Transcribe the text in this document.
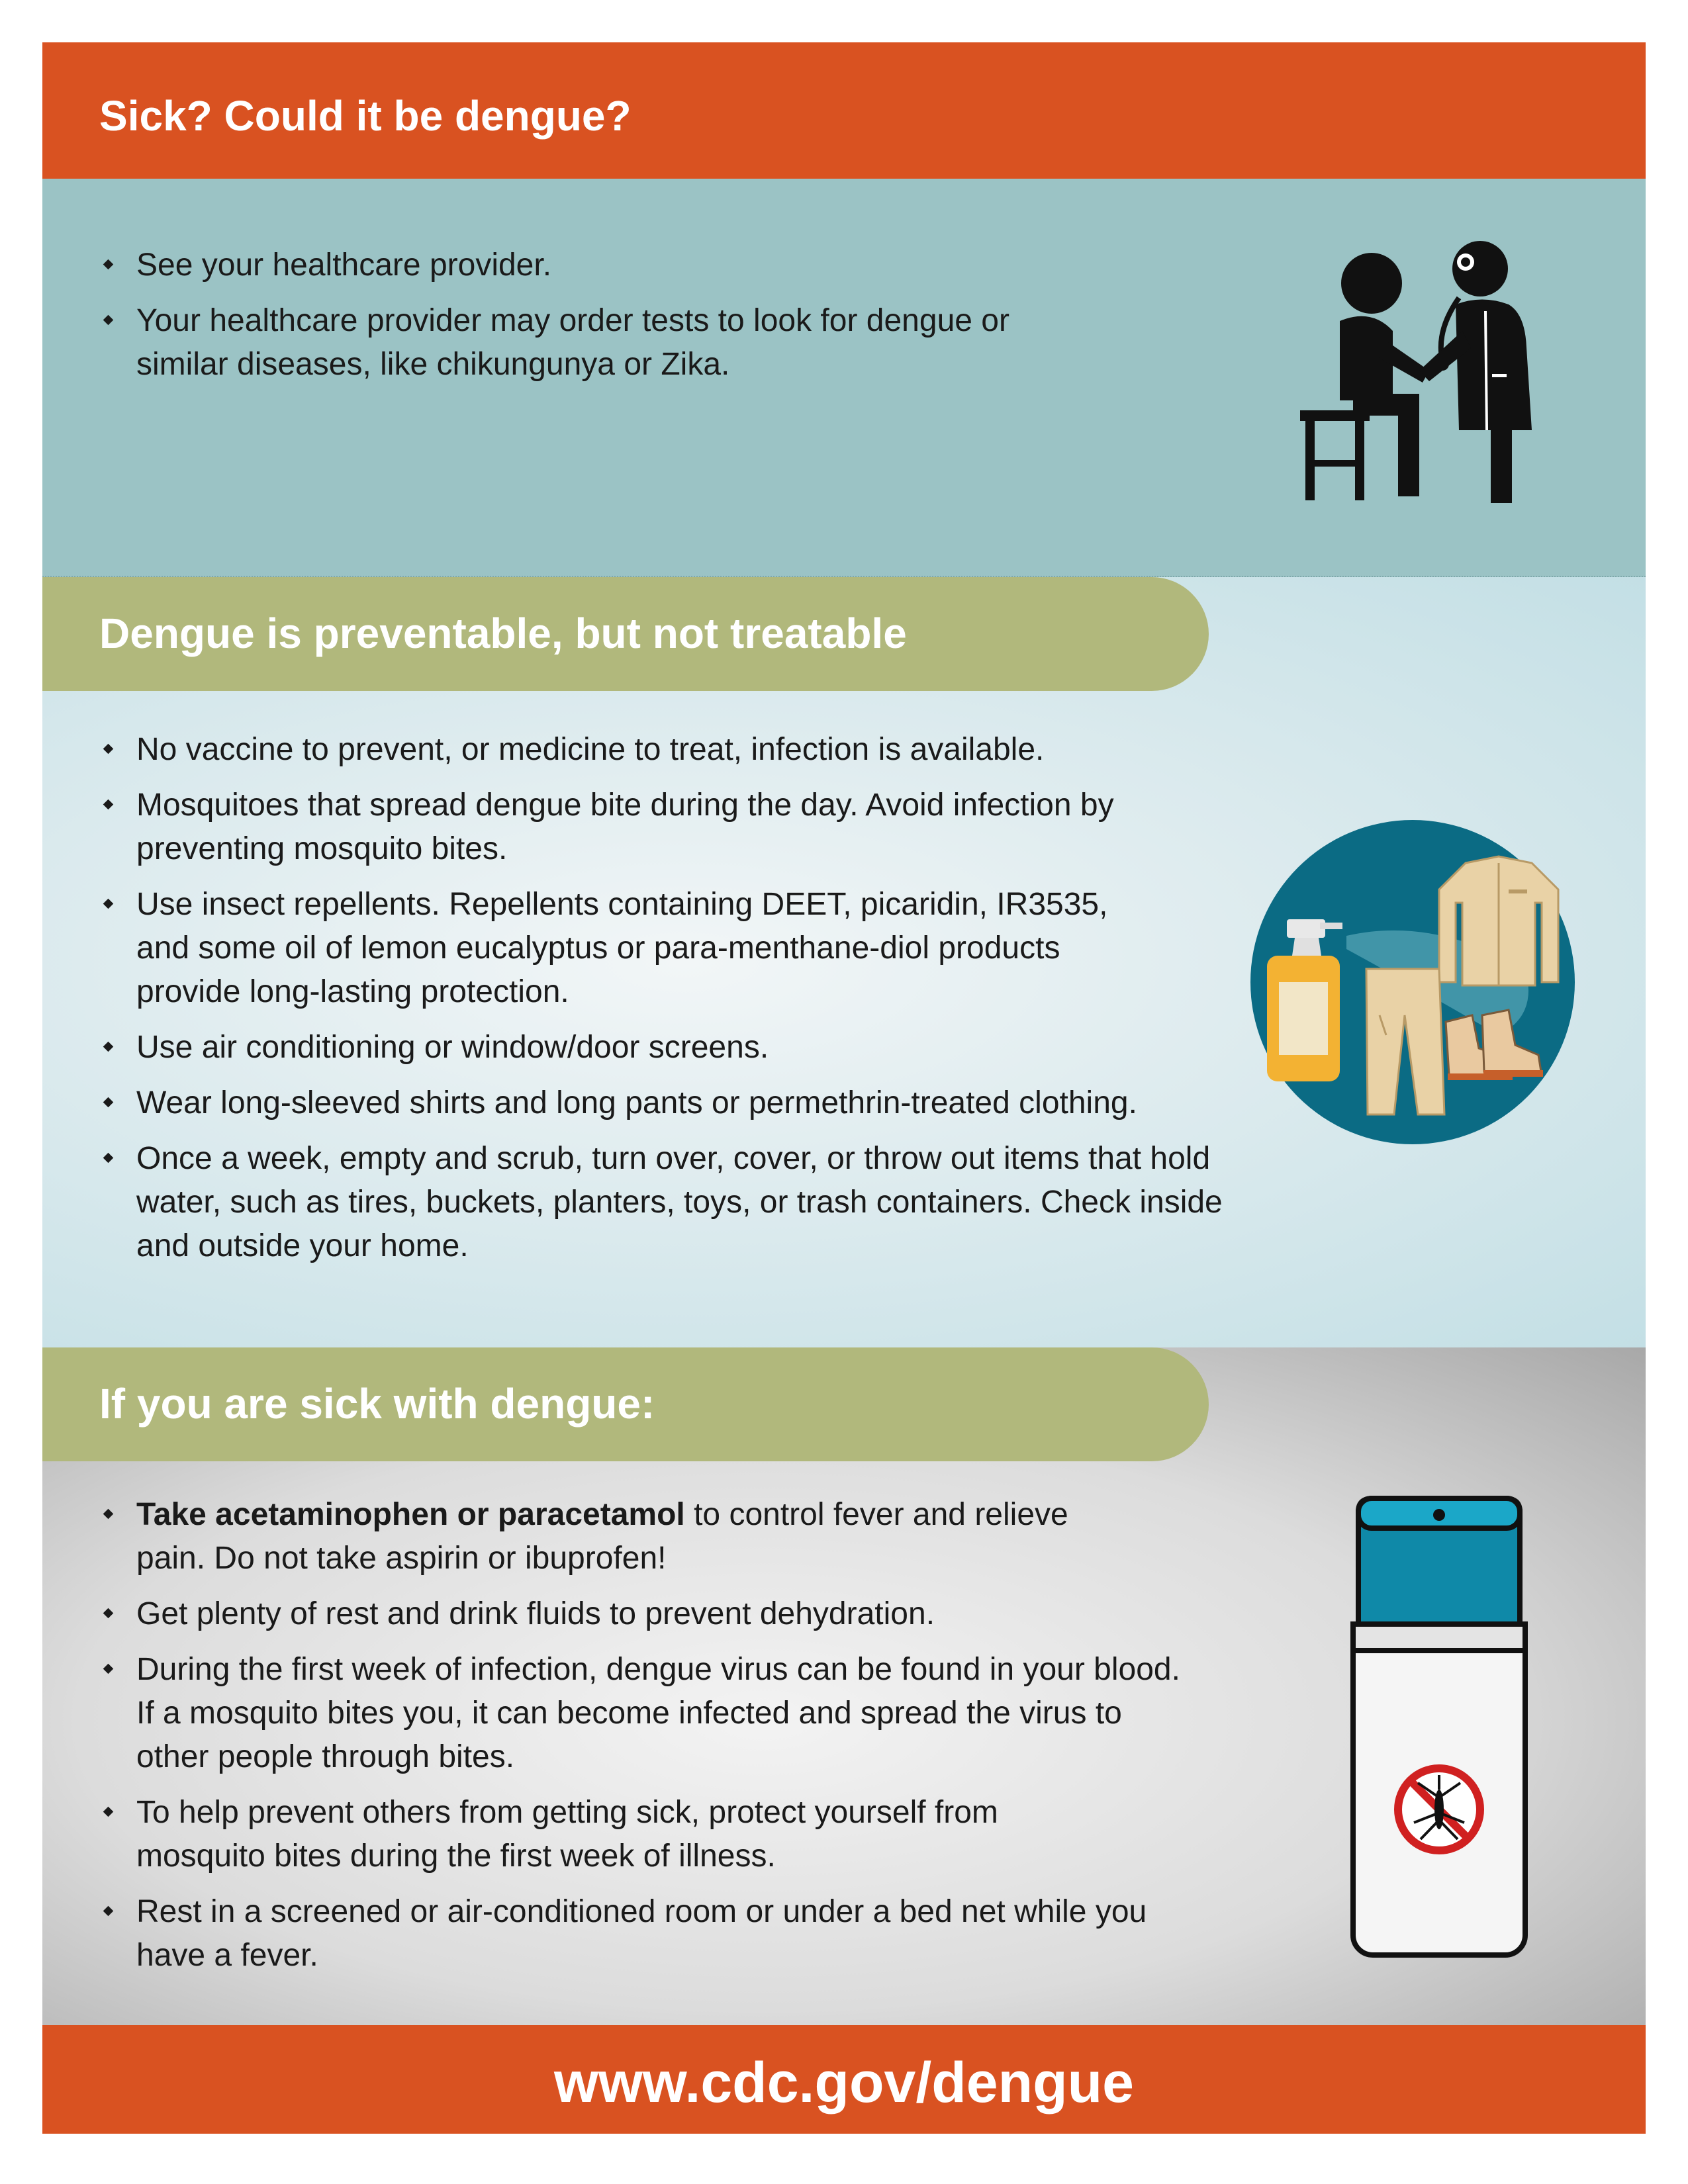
Sick? Could it be dengue?
See your healthcare provider.
Your healthcare provider may order tests to look for dengue or similar diseases, like chikungunya or Zika.
Dengue is preventable, but not treatable
No vaccine to prevent, or medicine to treat, infection is available.
Mosquitoes that spread dengue bite during the day. Avoid infection by preventing mosquito bites.
Use insect repellents. Repellents containing DEET, picaridin, IR3535, and some oil of lemon eucalyptus or para-menthane-diol products provide long-lasting protection.
Use air conditioning or window/door screens.
Wear long-sleeved shirts and long pants or permethrin-treated clothing.
Once a week, empty and scrub, turn over, cover, or throw out items that hold water, such as tires, buckets, planters, toys, or trash containers. Check inside and outside your home.
If you are sick with dengue:
Take acetaminophen or paracetamol to control fever and relieve pain. Do not take aspirin or ibuprofen!
Get plenty of rest and drink fluids to prevent dehydration.
During the first week of infection, dengue virus can be found in your blood. If a mosquito bites you, it can become infected and spread the virus to other people through bites.
To help prevent others from getting sick, protect yourself from mosquito bites during the first week of illness.
Rest in a screened or air-conditioned room or under a bed net while you have a fever.
www.cdc.gov/dengue
